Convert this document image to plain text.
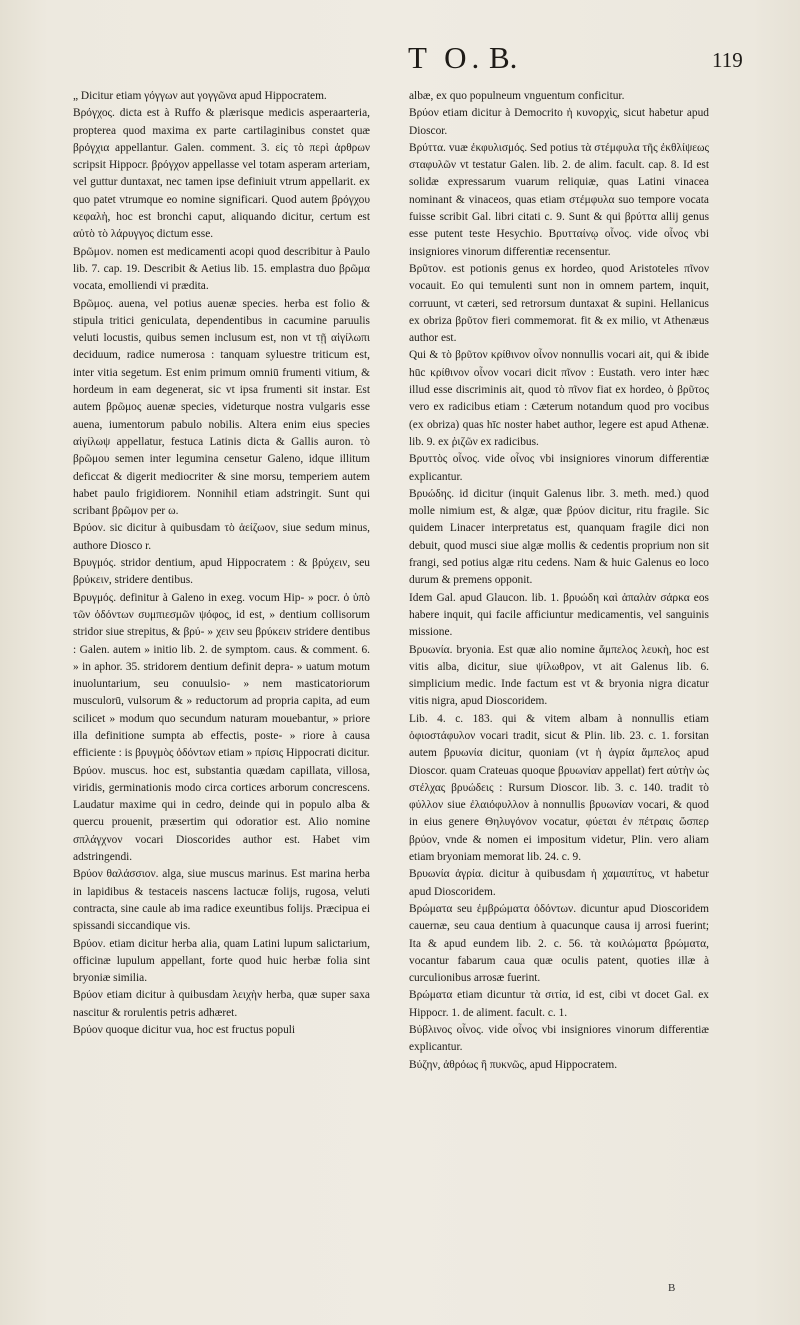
T O. B.	119

„ Dicitur etiam γόγγων aut γογγῶνα apud Hippocratem.

Βρόγχος. dicta est à Ruffo & plærisque medicis asperaarteria, propterea quod maxima ex parte cartilaginibus constet quæ βρόγχια appellantur. Galen. comment. 3. εἰς τὸ περὶ ἀρθρων scripsit Hippocr. βρόγχον appellasse vel totam asperam arteriam, vel guttur duntaxat, nec tamen ipse definiuit vtrum appellarit. ex quo patet vtrumque eo nomine significari. Quod autem βρόγχου κεφαλὴ, hoc est bronchi caput, aliquando dicitur, certum est αὐτὸ τὸ λάρυγγος dictum esse.

Βρῶμον. nomen est medicamenti acopi quod describitur à Paulo lib. 7. cap. 19. Describit & Aetius lib. 15. emplastra duo βρῶμα vocata, emolliendi vi prædita.

Βρῶμος. auena, vel potius auenæ species. herba est folio & stipula tritici geniculata, dependentibus in cacumine paruulis veluti locustis, quibus semen inclusum est, non vt τῇ αἰγίλωπι deciduum, radice numerosa : tanquam syluestre triticum est, inter vitia segetum. Est enim primum omniū frumenti vitium, & hordeum in eam degenerat, sic vt ipsa frumenti sit instar. Est autem βρῶμος auenæ species, videturque nostra vulgaris esse auena, iumentorum pabulo nobilis. Altera enim eius species αἰγίλωψ appellatur, festuca Latinis dicta & Gallis auron. τὸ βρῶμου semen inter legumina censetur Galeno, idque illitum deficcat & digerit mediocriter & sine morsu, temperiem autem habet paulo frigidiorem. Nonnihil etiam adstringit. Sunt qui scribant βρῶμον per ω.

Βρύον. sic dicitur à quibusdam τὸ ἀείζωον, siue sedum minus, authore Diosco r.

Βρυγμός. stridor dentium, apud Hippocratem : & βρύχειν, seu βρύκειν, stridere dentibus.

Βρυγμός. definitur à Galeno in exeg. vocum Hip- » pocr. ὁ ὑπὸ τῶν ὀδόντων συμπιεσμῶν ψόφος, id est, » dentium collisorum stridor siue strepitus, & βρύ- » χειν seu βρύκειν stridere dentibus : Galen. autem » initio lib. 2. de symptom. caus. & comment. 6. » in aphor. 35. stridorem dentium definit depra- » uatum motum inuoluntarium, seu conuulsio- » nem masticatoriorum musculorū, vulsorum & » reductorum ad propria capita, ad eum scilicet » modum quo secundum naturam mouebantur, » priore illa definitione sumpta ab effectis, poste- » riore à causa efficiente : is βρυγμὸς ὀδόντων etiam » πρίσις Hippocrati dicitur.

Βρύον. muscus. hoc est, substantia quædam capillata, villosa, viridis, germinationis modo circa cortices arborum concrescens. Laudatur maxime qui in cedro, deinde qui in populo alba & quercu prouenit, præsertim qui odoratior est. Alio nomine σπλάγχνον vocari Dioscorides author est. Habet vim adstringendi.

Βρύον θαλάσσιον. alga, siue muscus marinus. Est marina herba in lapidibus & testaceis nascens lactucæ folijs, rugosa, veluti contracta, sine caule ab ima radice exeuntibus folijs. Præcipua ei spissandi siccandique vis.

Βρύον. etiam dicitur herba alia, quam Latini lupum salictarium, officinæ lupulum appellant, forte quod huic herbæ folia sint bryoniæ similia.

Βρύον etiam dicitur à quibusdam λειχὴν herba, quæ super saxa nascitur & rorulentis petris adhæret.

Βρύον quoque dicitur vua, hoc est fructus populi

albæ, ex quo populneum vnguentum conficitur.

Βρύον etiam dicitur à Democrito ἡ κυνορχὶς, sicut habetur apud Dioscor.

Βρύττα. vuæ ἐκφυλισμός. Sed potius τὰ στέμφυλα τῆς ἐκθλίψεως σταφυλῶν vt testatur Galen. lib. 2. de alim. facult. cap. 8. Id est solidæ expressarum vuarum reliquiæ, quas Latini vinacea nominant & vinaceos, quas etiam στέμφυλα suo tempore vocata fuisse scribit Gal. libri citati c. 9. Sunt & qui βρύττα allij genus esse putent teste Hesychio. Βρυτταίνῳ οἶνος. vide οἶνος vbi insigniores vinorum differentiæ recensentur.

Βρῦτον. est potionis genus ex hordeo, quod Aristoteles πῖνον vocauit. Eo qui temulenti sunt non in omnem partem, inquit, corruunt, vt cæteri, sed retrorsum duntaxat & supini. Hellanicus ex obriza βρῦτον fieri commemorat. fit & ex milio, vt Athenæus author est.

Qui & τὸ βρῦτον κρίθινον οἶνον nonnullis vocari ait, qui & ibide hūc κρίθινον οἶνον vocari dicit πῖνον : Eustath. vero inter hæc illud esse discriminis ait, quod τὸ πῖνον fiat ex hordeo, ὁ βρῦτος vero ex radicibus etiam : Cæterum notandum quod pro vocibus (ex obriza) quas hīc noster habet author, legere est apud Athenæ. lib. 9. ex ῥιζῶν ex radicibus.

Βρυττὸς οἶνος. vide οἶνος vbi insigniores vinorum differentiæ explicantur.

Βρυώδης. id dicitur (inquit Galenus libr. 3. meth. med.) quod molle nimium est, & algæ, quæ βρύον dicitur, ritu fragile. Sic quidem Linacer interpretatus est, quanquam fragile dici non debuit, quod musci siue algæ mollis & cedentis proprium non sit frangi, sed potius algæ ritu cedens. Nam & huic Galenus eo loco durum & premens opponit.

Idem Gal. apud Glaucon. lib. 1. βρυώδη καὶ ἁπαλὰν σάρκα eos habere inquit, qui facile afficiuntur medicamentis, vel sanguinis missione.

Βρυωνία. bryonia. Est quæ alio nomine ἄμπελος λευκὴ, hoc est vitis alba, dicitur, siue ψίλωθρον, vt ait Galenus lib. 6. simplicium medic. Inde factum est vt & bryonia nigra dicatur vitis nigra, apud Dioscoridem.

Lib. 4. c. 183. qui & vitem albam à nonnullis etiam ὀφιοστάφυλον vocari tradit, sicut & Plin. lib. 23. c. 1. forsitan autem βρυωνία dicitur, quoniam (vt ἡ ἀγρία ἄμπελος apud Dioscor. quam Crateuas quoque βρυωνίαν appellat) fert αὐτὴν ὡς στέλχας βρυώδεις : Rursum Dioscor. lib. 3. c. 140. tradit τὸ φύλλον siue ἐλαιόφυλλον à nonnullis βρυωνίαν vocari, & quod in eius genere Θηλυγόνον vocatur, φύεται ἐν πέτραις ὥσπερ βρύον, vnde & nomen ei impositum videtur, Plin. vero aliam etiam bryoniam memorat lib. 24. c. 9.

Βρυωνία ἀγρία. dicitur à quibusdam ἡ χαμαιπίτυς, vt habetur apud Dioscoridem.

Βρώματα seu ἐμβρώματα ὀδόντων. dicuntur apud Dioscoridem cauernæ, seu caua dentium à quacunque causa ij arrosi fuerint; Ita & apud eundem lib. 2. c. 56. τὰ κοιλώματα βρώματα, vocantur fabarum caua quæ oculis patent, quoties illæ à curculionibus arrosæ fuerint.

Βρώματα etiam dicuntur τὰ σιτία, id est, cibi vt docet Gal. ex Hippocr. 1. de aliment. facult. c. 1.

Βύβλινος οἶνος. vide οἶνος vbi insigniores vinorum differentiæ explicantur.

Βύζην, ἀθρόως ἢ πυκνῶς, apud Hippocratem.

B
